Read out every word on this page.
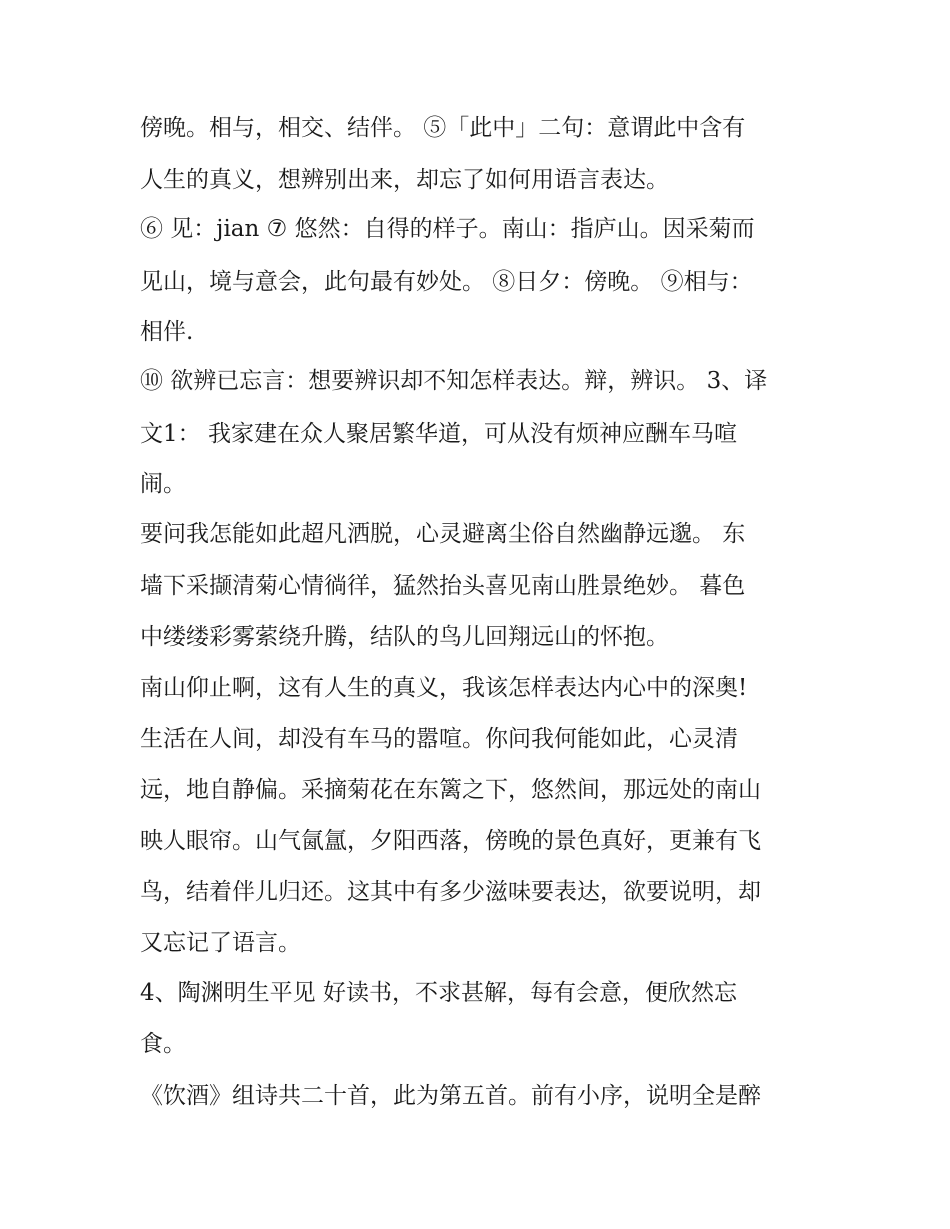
傍晚。相与，相交、结伴。 ⑤「此中」二句：意谓此中含有
人生的真义，想辨别出来，却忘了如何用语言表达。
⑥ 见：jian ⑦ 悠然：自得的样子。南山：指庐山。因采菊而
见山，境与意会，此句最有妙处。 ⑧日夕：傍晚。 ⑨相与：
相伴.
⑩ 欲辨已忘言：想要辨识却不知怎样表达。辩，辨识。 3、译
文1： 我家建在众人聚居繁华道，可从没有烦神应酬车马喧
闹。
要问我怎能如此超凡洒脱，心灵避离尘俗自然幽静远邈。 东
墙下采撷清菊心情徜徉，猛然抬头喜见南山胜景绝妙。 暮色
中缕缕彩雾萦绕升腾，结队的鸟儿回翔远山的怀抱。
南山仰止啊，这有人生的真义，我该怎样表达内心中的深奥!
生活在人间，却没有车马的嚣喧。你问我何能如此，心灵清
远，地自静偏。采摘菊花在东篱之下，悠然间，那远处的南山
映人眼帘。山气氤氲，夕阳西落，傍晚的景色真好，更兼有飞
鸟，结着伴儿归还。这其中有多少滋味要表达，欲要说明，却
又忘记了语言。
4、陶渊明生平见 好读书，不求甚解，每有会意，便欣然忘
食。
《饮酒》组诗共二十首，此为第五首。前有小序，说明全是醉
